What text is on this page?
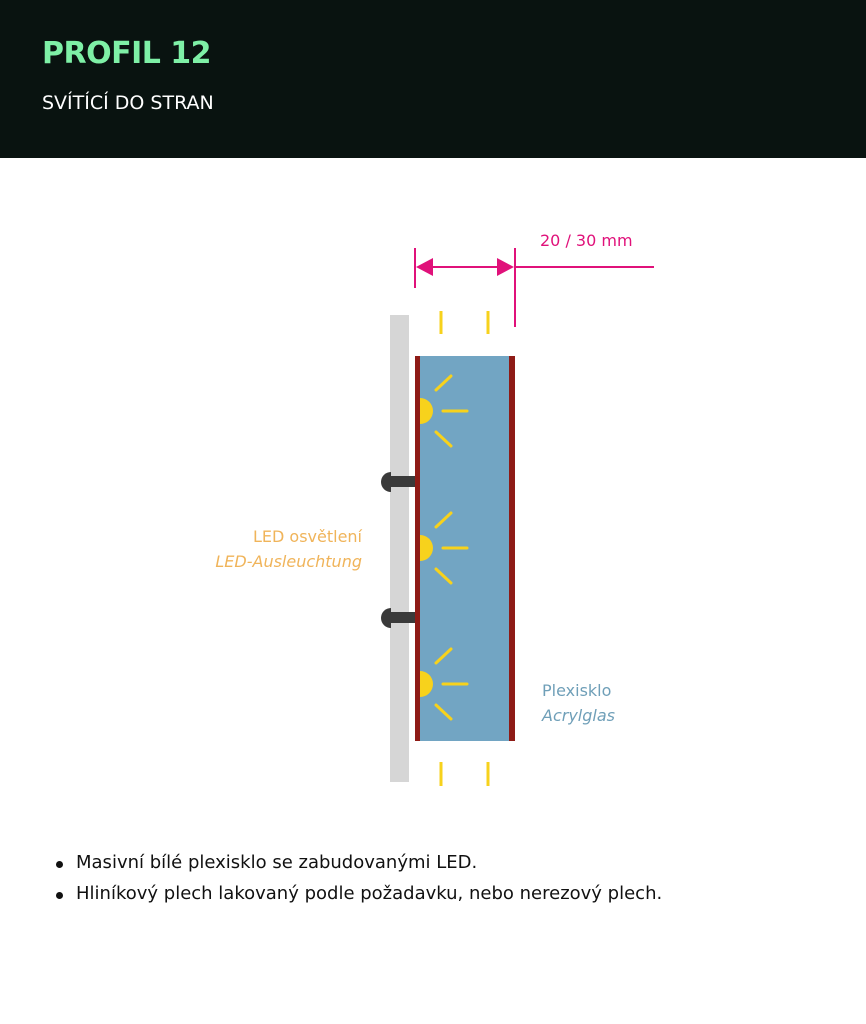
PROFIL 12
SVÍTÍCÍ DO STRAN
20 / 30 mm
LED osvětlení
LED-Ausleuchtung
Plexisklo
Acrylglas
Masivní bílé plexisklo se zabudovanými LED.
Hliníkový plech lakovaný podle požadavku, nebo nerezový plech.
